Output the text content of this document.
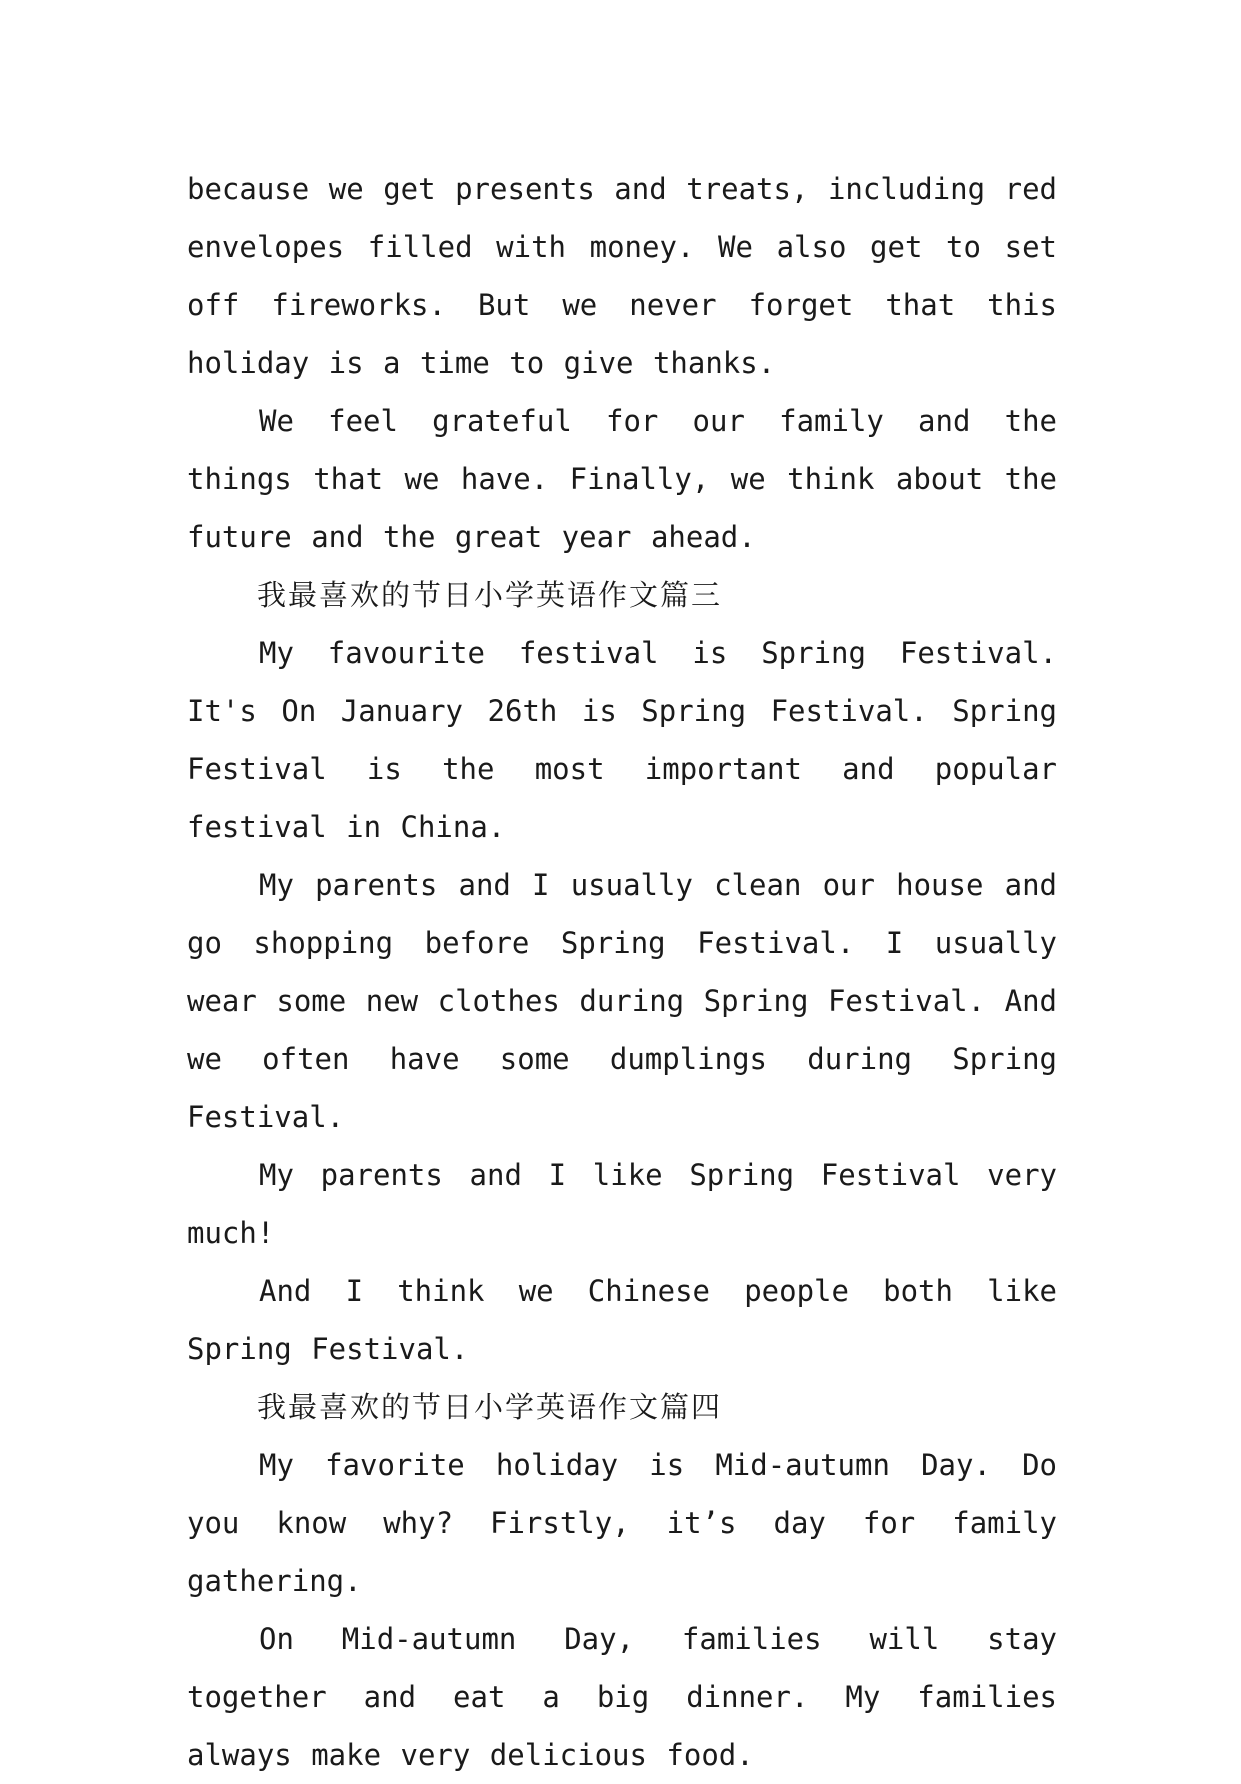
because we get presents and treats, including red envelopes filled with money. We also get to set off fireworks. But we never forget that this holiday is a time to give thanks.

We feel grateful for our family and the things that we have. Finally, we think about the future and the great year ahead.

我最喜欢的节日小学英语作文篇三

My favourite festival is Spring Festival. It's On January 26th is Spring Festival. Spring Festival is the most important and popular festival in China.

My parents and I usually clean our house and go shopping before Spring Festival. I usually wear some new clothes during Spring Festival. And we often have some dumplings during Spring Festival.

My parents and I like Spring Festival very much!

And I think we Chinese people both like Spring Festival.

我最喜欢的节日小学英语作文篇四

My favorite holiday is Mid-autumn Day. Do you know why? Firstly, it’s day for family gathering.

On Mid-autumn Day, families will stay together and eat a big dinner. My families always make very delicious food.
